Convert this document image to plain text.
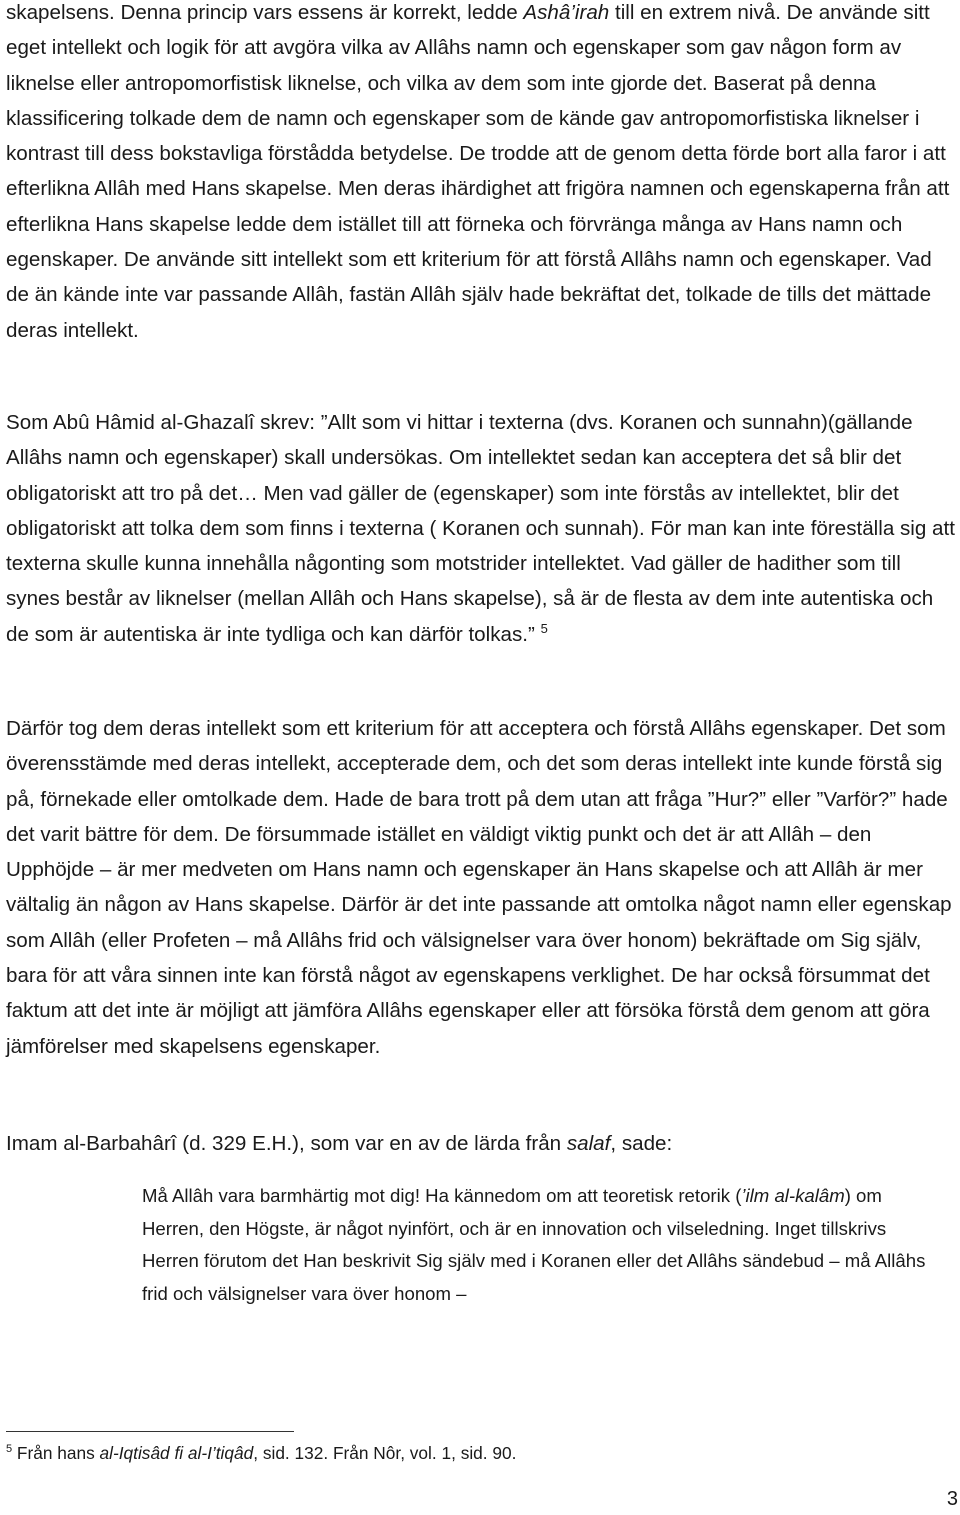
skapelsens. Denna princip vars essens är korrekt, ledde Ashâ’irah till en extrem nivå. De använde sitt eget intellekt och logik för att avgöra vilka av Allâhs namn och egenskaper som gav någon form av liknelse eller antropomorfistisk liknelse, och vilka av dem som inte gjorde det. Baserat på denna klassificering tolkade dem de namn och egenskaper som de kände gav antropomorfistiska liknelser i kontrast till dess bokstavliga förstådda betydelse. De trodde att de genom detta förde bort alla faror i att efterlikna Allâh med Hans skapelse. Men deras ihärdighet att frigöra namnen och egenskaperna från att efterlikna Hans skapelse ledde dem istället till att förneka och förvränga många av Hans namn och egenskaper. De använde sitt intellekt som ett kriterium för att förstå Allâhs namn och egenskaper. Vad de än kände inte var passande Allâh, fastän Allâh själv hade bekräftat det, tolkade de tills det mättade deras intellekt.

Som Abû Hâmid al-Ghazalî skrev: ”Allt som vi hittar i texterna (dvs. Koranen och sunnahn)(gällande Allâhs namn och egenskaper) skall undersökas. Om intellektet sedan kan acceptera det så blir det obligatoriskt att tro på det… Men vad gäller de (egenskaper) som inte förstås av intellektet, blir det obligatoriskt att tolka dem som finns i texterna ( Koranen och sunnah). För man kan inte föreställa sig att texterna skulle kunna innehålla någonting som motstrider intellektet. Vad gäller de hadither som till synes består av liknelser (mellan Allâh och Hans skapelse), så är de flesta av dem inte autentiska och de som är autentiska är inte tydliga och kan därför tolkas.” $^5$

Därför tog dem deras intellekt som ett kriterium för att acceptera och förstå Allâhs egenskaper. Det som överensstämde med deras intellekt, accepterade dem, och det som deras intellekt inte kunde förstå sig på, förnekade eller omtolkade dem. Hade de bara trott på dem utan att fråga ”Hur?” eller ”Varför?” hade det varit bättre för dem. De försummade istället en väldigt viktig punkt och det är att Allâh – den Upphöjde – är mer medveten om Hans namn och egenskaper än Hans skapelse och att Allâh är mer vältalig än någon av Hans skapelse. Därför är det inte passande att omtolka något namn eller egenskap som Allâh (eller Profeten – må Allâhs frid och välsignelser vara över honom) bekräftade om Sig själv, bara för att våra sinnen inte kan förstå något av egenskapens verklighet. De har också försummat det faktum att det inte är möjligt att jämföra Allâhs egenskaper eller att försöka förstå dem genom att göra jämförelser med skapelsens egenskaper.

Imam al-Barbahârî (d. 329 E.H.), som var en av de lärda från salaf, sade:

Må Allâh vara barmhärtig mot dig! Ha kännedom om att teoretisk retorik (’ilm al-kalâm) om Herren, den Högste, är något nyinfört, och är en innovation och vilseledning. Inget tillskrivs Herren förutom det Han beskrivit Sig själv med i Koranen eller det Allâhs sändebud – må Allâhs frid och välsignelser vara över honom –

$^5$ Från hans al-Iqtisâd fi al-I’tiqâd, sid. 132. Från Nôr, vol. 1, sid. 90.

3
